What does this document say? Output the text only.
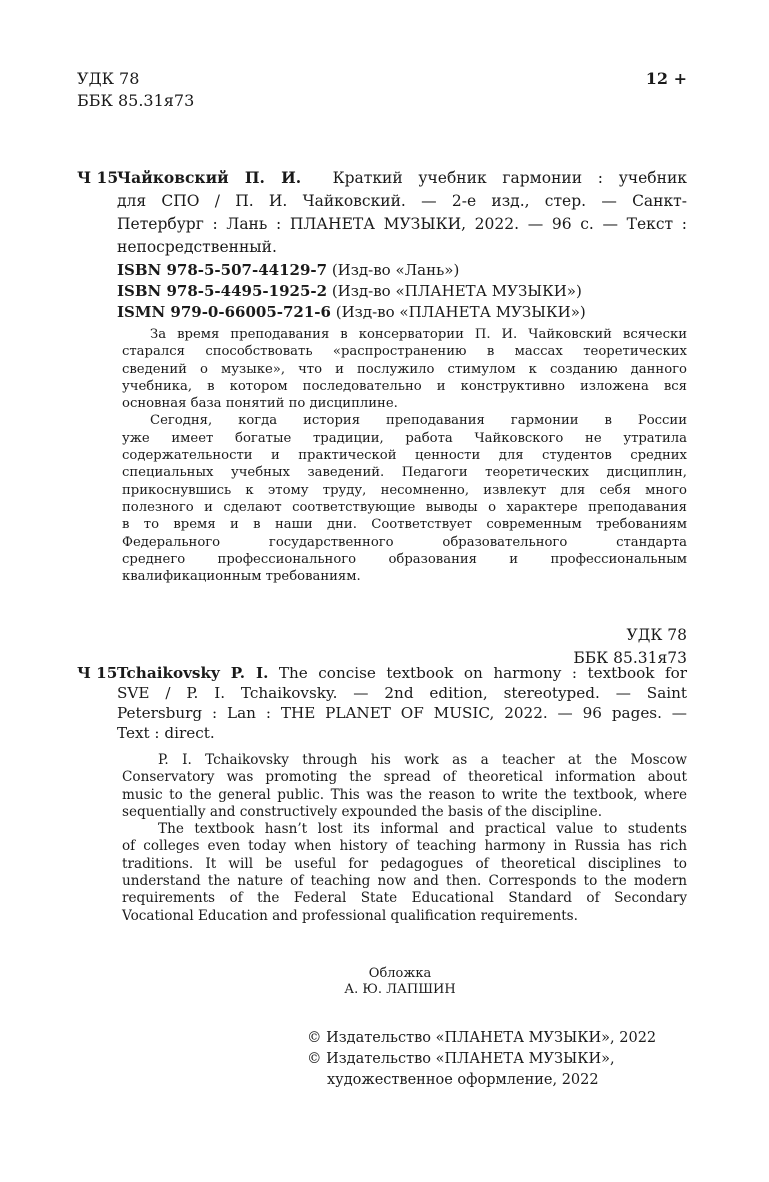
УДК 78
ББК 85.31я73
12 +
Ч 15
Чайковский П. И. Краткий учебник гармонии : учебник
для СПО / П. И. Чайковский. — 2-е изд., стер. — Санкт-
Петербург : Лань : ПЛАНЕТА МУЗЫКИ, 2022. — 96 с. — Текст :
непосредственный.
ISBN 978-5-507-44129-7 (Изд-во «Лань»)
ISBN 978-5-4495-1925-2 (Изд-во «ПЛАНЕТА МУЗЫКИ»)
ISMN 979-0-66005-721-6 (Изд-во «ПЛАНЕТА МУЗЫКИ»)
За время преподавания в консерватории П. И. Чайковский всячески
старался способствовать «распространению в массах теоретических
сведений о музыке», что и послужило стимулом к созданию данного
учебника, в котором последовательно и конструктивно изложена вся
основная база понятий по дисциплине.
Сегодня, когда история преподавания гармонии в России
уже имеет богатые традиции, работа Чайковского не утратила
содержательности и практической ценности для студентов средних
специальных учебных заведений. Педагоги теоретических дисциплин,
прикоснувшись к этому труду, несомненно, извлекут для себя много
полезного и сделают соответствующие выводы о характере преподавания
в то время и в наши дни. Соответствует современным требованиям
Федерального государственного образовательного стандарта
среднего профессионального образования и профессиональным
квалификационным требованиям.
УДК 78
ББК 85.31я73
Ч 15 Tchaikovsky P. I. The concise textbook on harmony : textbook for
SVE / P. I. Tchaikovsky. — 2nd edition, stereotyped. — Saint
Petersburg : Lan : THE PLANET OF MUSIC, 2022. — 96 pages. —
Text : direct.
P. I. Tchaikovsky through his work as a teacher at the Moscow
Conservatory was promoting the spread of theoretical information about
music to the general public. This was the reason to write the textbook, where
sequentially and constructively expounded the basis of the discipline.
The textbook hasn’t lost its informal and practical value to students
of colleges even today when history of teaching harmony in Russia has rich
traditions. It will be useful for pedagogues of theoretical disciplines to
understand the nature of teaching now and then. Corresponds to the modern
requirements of the Federal State Educational Standard of Secondary
Vocational Education and professional qualification requirements.
Обложка
А. Ю. ЛАПШИН
© Издательство «ПЛАНЕТА МУЗЫКИ», 2022
© Издательство «ПЛАНЕТА МУЗЫКИ»,
художественное оформление, 2022
